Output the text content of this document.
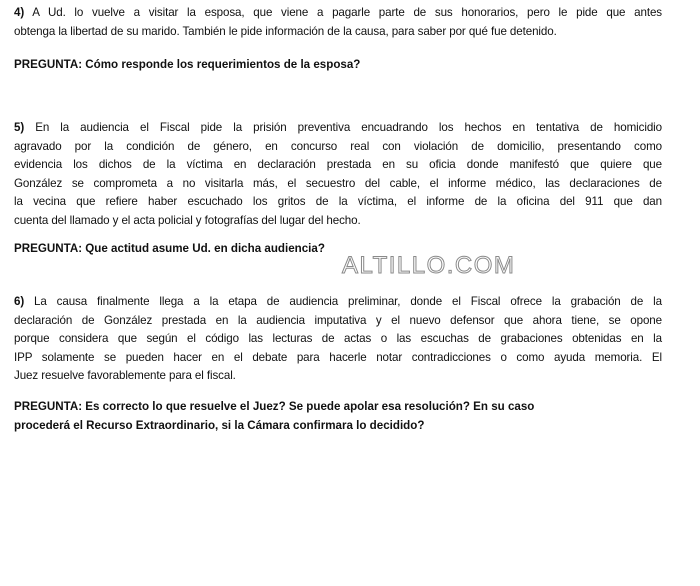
4) A Ud. lo vuelve a visitar la esposa, que viene a pagarle parte de sus honorarios, pero le pide que antes
obtenga la libertad de su marido. También le pide información de la causa, para saber por qué fue detenido.
PREGUNTA: Cómo responde los requerimientos de la esposa?
5) En la audiencia el Fiscal pide la prisión preventiva encuadrando los hechos en tentativa de homicidio
agravado por la condición de género, en concurso real con violación de domicilio, presentando como
evidencia los dichos de la víctima en declaración prestada en su oficia donde manifestó que quiere que
González se comprometa a no visitarla más, el secuestro del cable, el informe médico, las declaraciones de
la vecina que refiere haber escuchado los gritos de la víctima, el informe de la oficina del 911 que dan
cuenta del llamado y el acta policial y fotografías del lugar del hecho.
PREGUNTA: Que actitud asume Ud. en dicha audiencia?
ALTILLO.COM
6) La causa finalmente llega a la etapa de audiencia preliminar, donde el Fiscal ofrece la grabación de la
declaración de González prestada en la audiencia imputativa y el nuevo defensor que ahora tiene, se opone
porque considera que según el código las lecturas de actas o las escuchas de grabaciones obtenidas en la
IPP solamente se pueden hacer en el debate para hacerle notar contradicciones o como ayuda memoria. El
Juez resuelve favorablemente para el fiscal.
PREGUNTA: Es correcto lo que resuelve el Juez? Se puede apolar esa resolución? En su caso
procederá el Recurso Extraordinario, si la Cámara confirmara lo decidido?
